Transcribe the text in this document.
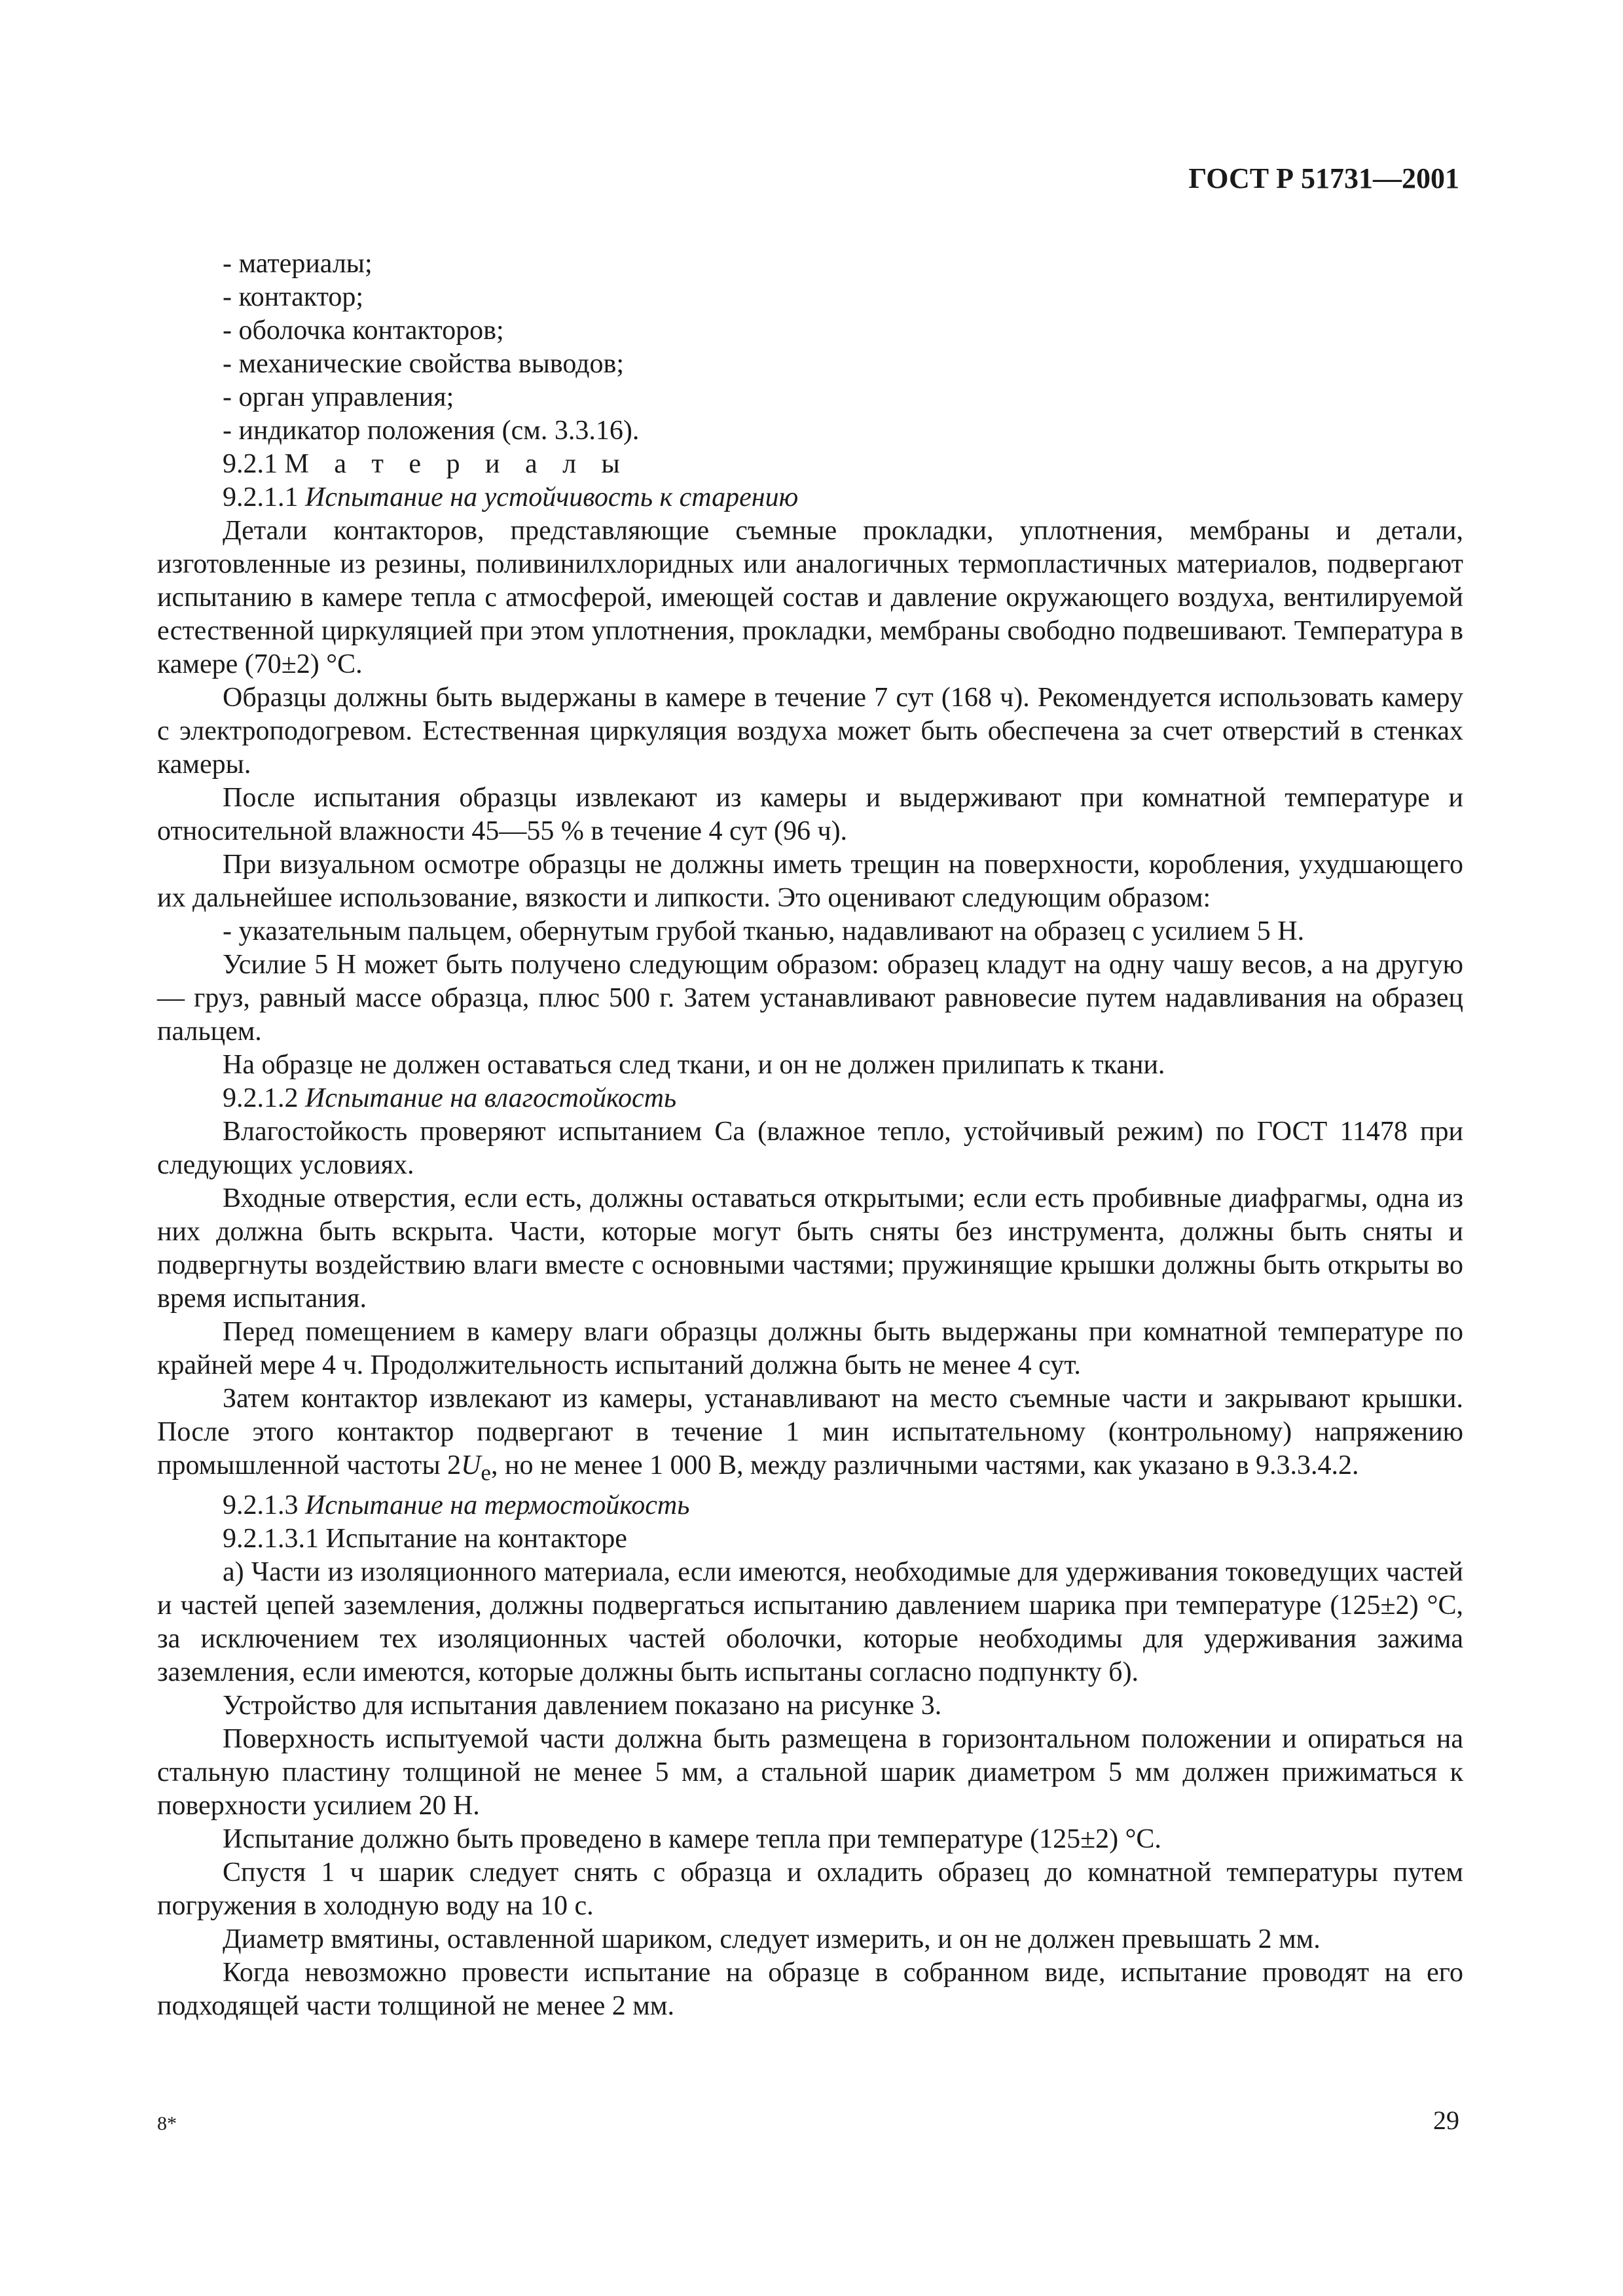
ГОСТ Р 51731—2001
- материалы;
- контактор;
- оболочка контакторов;
- механические свойства выводов;
- орган управления;
- индикатор положения (см. 3.3.16).
9.2.1 М а т е р и а л ы
9.2.1.1 Испытание на устойчивость к старению

Детали контакторов, представляющие съемные прокладки, уплотнения, мембраны и детали, изготовленные из резины, поливинилхлоридных или аналогичных термопластичных материалов, подвергают испытанию в камере тепла с атмосферой, имеющей состав и давление окружающего воздуха, вентилируемой естественной циркуляцией при этом уплотнения, прокладки, мембраны свободно подвешивают. Температура в камере (70±2) °С.

Образцы должны быть выдержаны в камере в течение 7 сут (168 ч). Рекомендуется использовать камеру с электроподогревом. Естественная циркуляция воздуха может быть обеспечена за счет отверстий в стенках камеры.

После испытания образцы извлекают из камеры и выдерживают при комнатной температуре и относительной влажности 45—55 % в течение 4 сут (96 ч).

При визуальном осмотре образцы не должны иметь трещин на поверхности, коробления, ухудшающего их дальнейшее использование, вязкости и липкости. Это оценивают следующим образом:

- указательным пальцем, обернутым грубой тканью, надавливают на образец с усилием 5 Н.

Усилие 5 Н может быть получено следующим образом: образец кладут на одну чашу весов, а на другую — груз, равный массе образца, плюс 500 г. Затем устанавливают равновесие путем надавливания на образец пальцем.

На образце не должен оставаться след ткани, и он не должен прилипать к ткани.

9.2.1.2 Испытание на влагостойкость

Влагостойкость проверяют испытанием Са (влажное тепло, устойчивый режим) по ГОСТ 11478 при следующих условиях.

Входные отверстия, если есть, должны оставаться открытыми; если есть пробивные диафрагмы, одна из них должна быть вскрыта. Части, которые могут быть сняты без инструмента, должны быть сняты и подвергнуты воздействию влаги вместе с основными частями; пружинящие крышки должны быть открыты во время испытания.

Перед помещением в камеру влаги образцы должны быть выдержаны при комнатной температуре по крайней мере 4 ч. Продолжительность испытаний должна быть не менее 4 сут.

Затем контактор извлекают из камеры, устанавливают на место съемные части и закрывают крышки. После этого контактор подвергают в течение 1 мин испытательному (контрольному) напряжению промышленной частоты $2U_e$, но не менее 1 000 В, между различными частями, как указано в 9.3.3.4.2.

9.2.1.3 Испытание на термостойкость
9.2.1.3.1 Испытание на контакторе

а) Части из изоляционного материала, если имеются, необходимые для удерживания токоведущих частей и частей цепей заземления, должны подвергаться испытанию давлением шарика при температуре (125±2) °С, за исключением тех изоляционных частей оболочки, которые необходимы для удерживания зажима заземления, если имеются, которые должны быть испытаны согласно подпункту б).

Устройство для испытания давлением показано на рисунке 3.

Поверхность испытуемой части должна быть размещена в горизонтальном положении и опираться на стальную пластину толщиной не менее 5 мм, а стальной шарик диаметром 5 мм должен прижиматься к поверхности усилием 20 Н.

Испытание должно быть проведено в камере тепла при температуре (125±2) °С.

Спустя 1 ч шарик следует снять с образца и охладить образец до комнатной температуры путем погружения в холодную воду на 10 с.

Диаметр вмятины, оставленной шариком, следует измерить, и он не должен превышать 2 мм.

Когда невозможно провести испытание на образце в собранном виде, испытание проводят на его подходящей части толщиной не менее 2 мм.

8*	29
